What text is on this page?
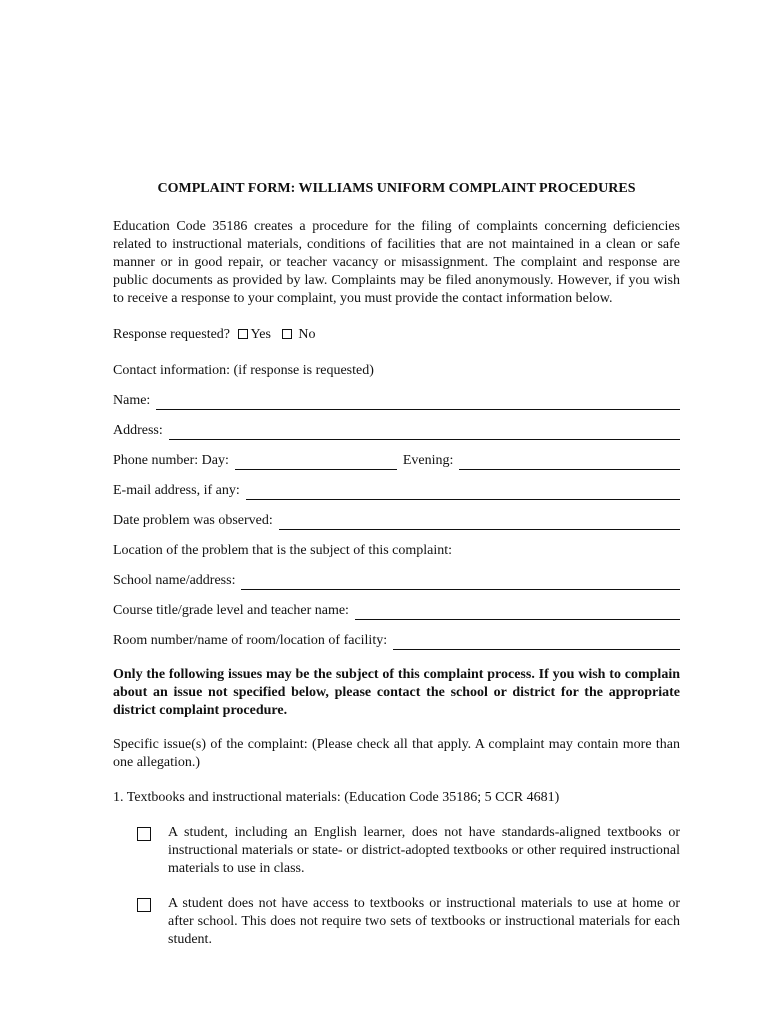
COMPLAINT FORM: WILLIAMS UNIFORM COMPLAINT PROCEDURES

Education Code 35186 creates a procedure for the filing of complaints concerning deficiencies related to instructional materials, conditions of facilities that are not maintained in a clean or safe manner or in good repair, or teacher vacancy or misassignment. The complaint and response are public documents as provided by law. Complaints may be filed anonymously. However, if you wish to receive a response to your complaint, you must provide the contact information below.

Response requested? Yes No
Contact information: (if response is requested)
Name:
Address:
Phone number: Day:	Evening:
E-mail address, if any:
Date problem was observed:
Location of the problem that is the subject of this complaint:
School name/address:
Course title/grade level and teacher name:
Room number/name of room/location of facility:

Only the following issues may be the subject of this complaint process. If you wish to complain about an issue not specified below, please contact the school or district for the appropriate district complaint procedure.

Specific issue(s) of the complaint: (Please check all that apply. A complaint may contain more than one allegation.)

1. Textbooks and instructional materials: (Education Code 35186; 5 CCR 4681)
A student, including an English learner, does not have standards-aligned textbooks or instructional materials or state- or district-adopted textbooks or other required instructional materials to use in class.
A student does not have access to textbooks or instructional materials to use at home or after school. This does not require two sets of textbooks or instructional materials for each student.
